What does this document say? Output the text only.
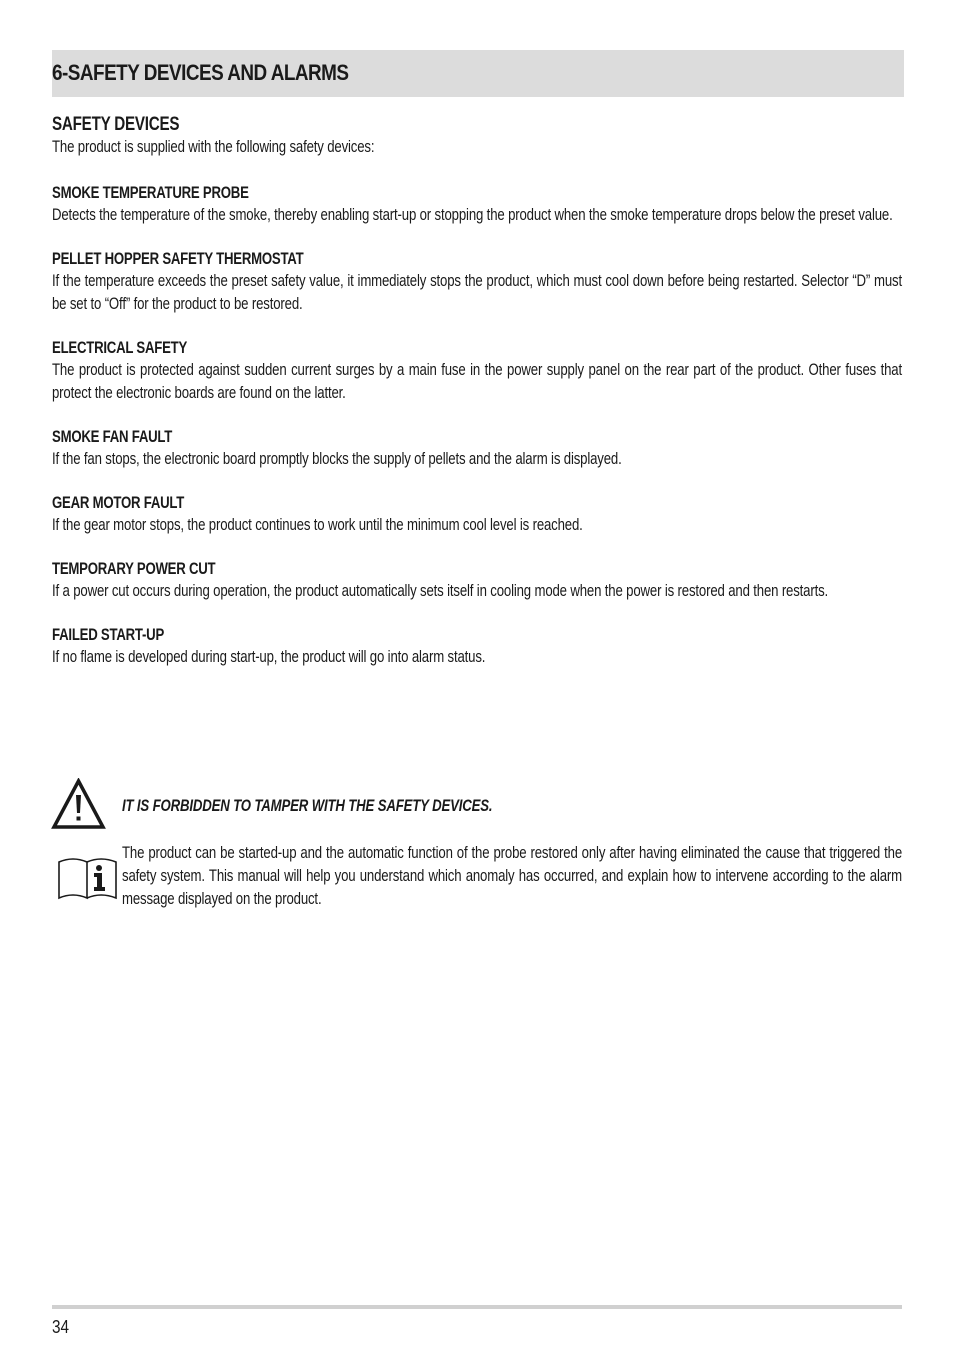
6-SAFETY DEVICES AND ALARMS
SAFETY DEVICES

The product is supplied with the following safety devices:

SMOKE TEMPERATURE PROBE

Detects the temperature of the smoke, thereby enabling start-up or stopping the product when the smoke temperature drops below the preset value.

PELLET HOPPER SAFETY THERMOSTAT

If the temperature exceeds the preset safety value, it immediately stops the product, which must cool down before being restarted. Selector “D” must be set to “Off” for the product to be restored.

ELECTRICAL SAFETY

The product is protected against sudden current surges by a main fuse in the power supply panel on the rear part of the product. Other fuses that protect the electronic boards are found on the latter.

SMOKE FAN FAULT

If the fan stops, the electronic board promptly blocks the supply of pellets and the alarm is displayed.

GEAR MOTOR FAULT

If the gear motor stops, the product continues to work until the minimum cool level is reached.

TEMPORARY POWER CUT

If a power cut occurs during operation, the product automatically sets itself in cooling mode when the power is restored and then restarts.

FAILED START-UP

If no flame is developed during start-up, the product will go into alarm status.

IT IS FORBIDDEN TO TAMPER WITH THE SAFETY DEVICES.

The product can be started-up and the automatic function of the probe restored only after having eliminated the cause that triggered the safety system. This manual will help you understand which anomaly has occurred, and explain how to intervene according to the alarm message displayed on the product.

34
